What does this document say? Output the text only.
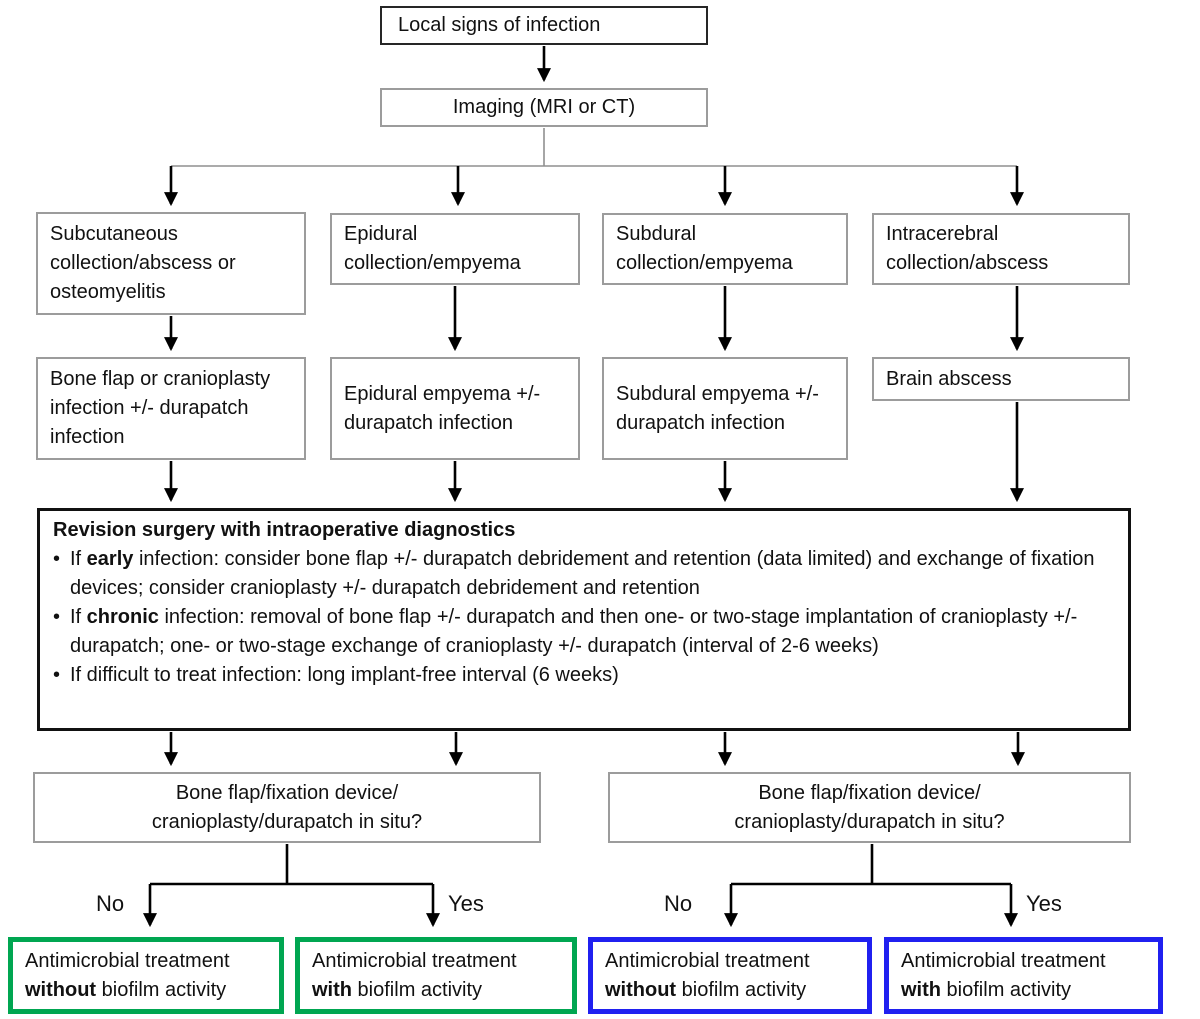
Local signs of infection
Imaging (MRI or CT)
Subcutaneous collection/abscess or osteomyelitis
Epidural collection/empyema
Subdural collection/empyema
Intracerebral collection/abscess
Bone flap or cranioplasty infection +/- durapatch infection
Epidural empyema +/- durapatch infection
Subdural empyema +/- durapatch infection
Brain abscess
Revision surgery with intraoperative diagnostics
• If early infection: consider bone flap +/- durapatch debridement and retention (data limited) and exchange of fixation devices; consider cranioplasty +/- durapatch debridement and retention
• If chronic infection: removal of bone flap +/- durapatch and then one- or two-stage implantation of cranioplasty +/- durapatch; one- or two-stage exchange of cranioplasty +/- durapatch (interval of 2-6 weeks)
• If difficult to treat infection: long implant-free interval (6 weeks)
Bone flap/fixation device/
cranioplasty/durapatch in situ?
Bone flap/fixation device/
cranioplasty/durapatch in situ?
No	Yes	No	Yes
Antimicrobial treatment
without biofilm activity
Antimicrobial treatment
with biofilm activity
Antimicrobial treatment
without biofilm activity
Antimicrobial treatment
with biofilm activity
